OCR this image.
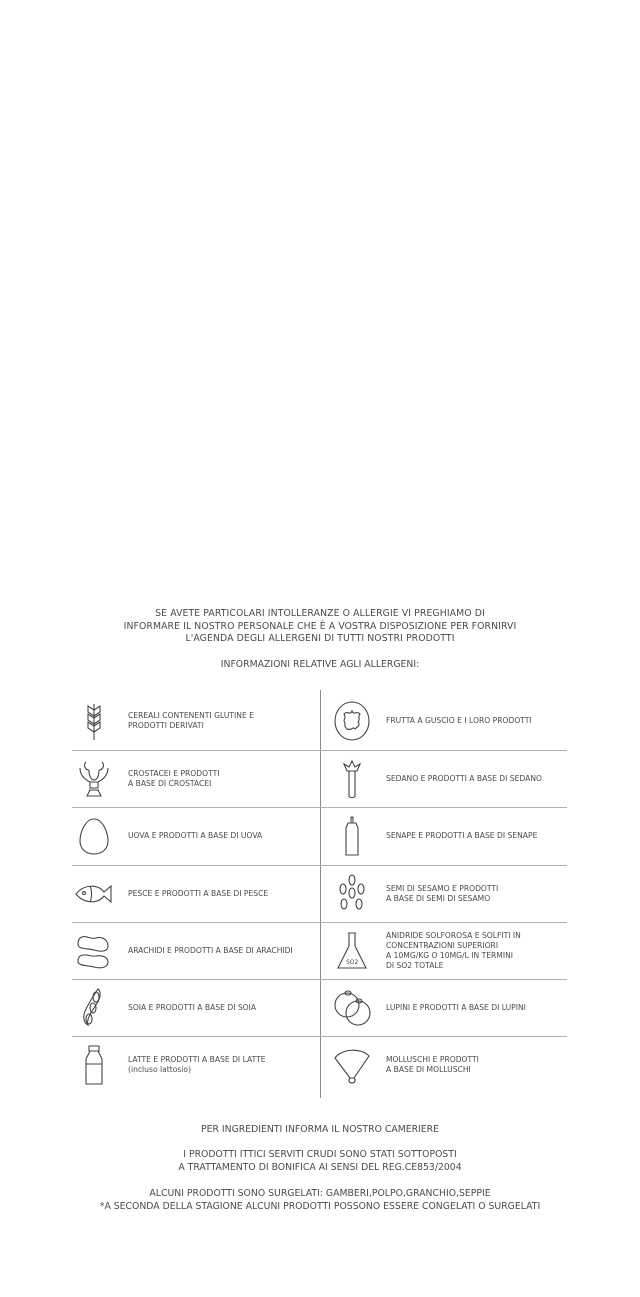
SE AVETE PARTICOLARI INTOLLERANZE O ALLERGIE VI PREGHIAMO DI
INFORMARE IL NOSTRO PERSONALE CHE È A VOSTRA DISPOSIZIONE PER FORNIRVI
L'AGENDA DEGLI ALLERGENI DI TUTTI NOSTRI PRODOTTI
INFORMAZIONI RELATIVE AGLI ALLERGENI:
CEREALI CONTENENTI GLUTINE E
PRODOTTI DERIVATI
FRUTTA A GUSCIO E I LORO PRODOTTI
CROSTACEI E PRODOTTI
A BASE DI CROSTACEI
SEDANO E PRODOTTI A BASE DI SEDANO
UOVA E PRODOTTI A BASE DI UOVA	SENAPE E PRODOTTI A BASE DI SENAPE
PESCE E PRODOTTI A BASE DI PESCE
SEMI DI SESAMO E PRODOTTI
A BASE DI SEMI DI SESAMO
ARACHIDI E PRODOTTI A BASE DI ARACHIDI
SO2
ANIDRIDE SOLFOROSA E SOLFITI IN
CONCENTRAZIONI SUPERIORI
A 10MG/KG O 10MG/L IN TERMINI
DI SO2 TOTALE
SOIA E PRODOTTI A BASE DI SOIA	LUPINI E PRODOTTI A BASE DI LUPINI
LATTE E PRODOTTI A BASE DI LATTE
(incluso lattosio)
MOLLUSCHI E PRODOTTI
A BASE DI MOLLUSCHI
PER INGREDIENTI INFORMA IL NOSTRO CAMERIERE
I PRODOTTI ITTICI SERVITI CRUDI SONO STATI SOTTOPOSTI
A TRATTAMENTO DI BONIFICA AI SENSI DEL REG.CE853/2004
ALCUNI PRODOTTI SONO SURGELATI: GAMBERI,POLPO,GRANCHIO,SEPPIE
*A SECONDA DELLA STAGIONE ALCUNI PRODOTTI POSSONO ESSERE CONGELATI O SURGELATI
